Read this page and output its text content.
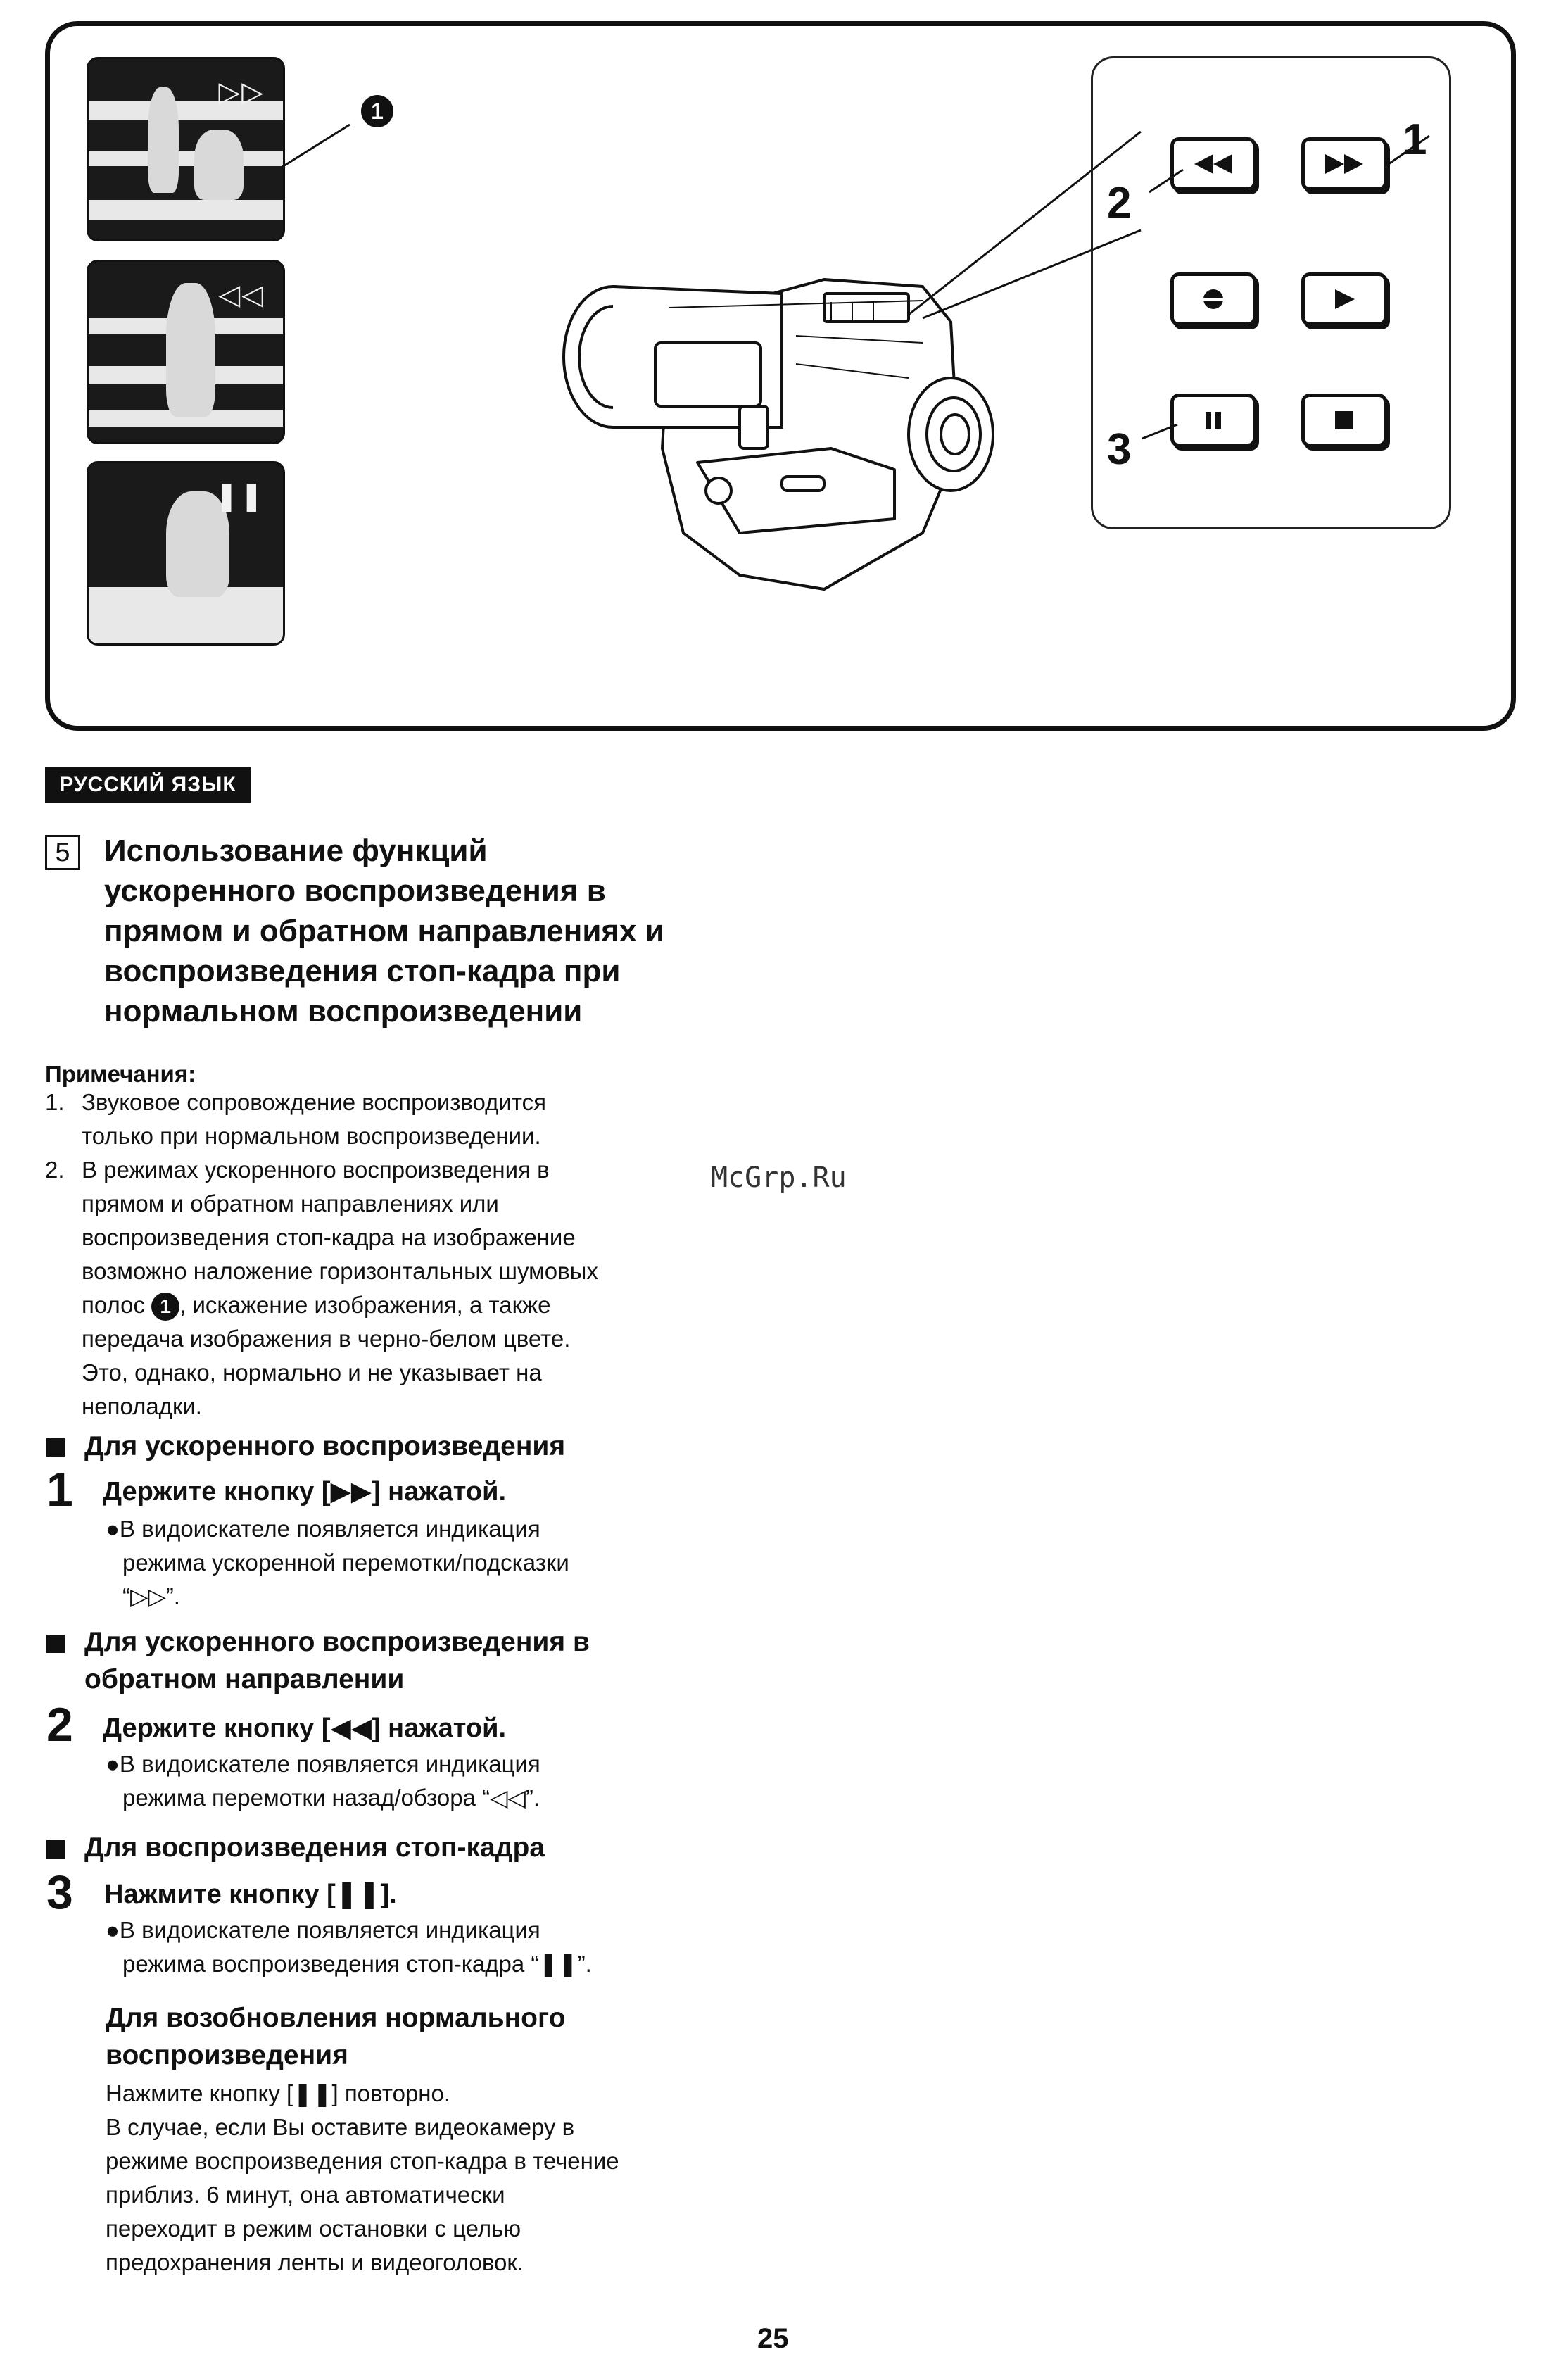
▷▷
◁◁
❚❚
1
1
2
3
РУССКИЙ ЯЗЫК
5	Использование функций
ускоренного воспроизведения в
прямом и обратном направлениях и
воспроизведения стоп-кадра при
нормальном воспроизведении
Примечания:
1. Звуковое сопровождение воспроизводится
только при нормальном воспроизведении.
2. В режимах ускоренного воспроизведения в
прямом и обратном направлениях или
воспроизведения стоп-кадра на изображение
возможно наложение горизонтальных шумовых
полос 1 , искажение изображения, а также
передача изображения в черно-белом цвете.
Это, однако, нормально и не указывает на
неполадки.
Для ускоренного воспроизведения
1 Держите кнопку [▶▶] нажатой.
●В видоискателе появляется индикация
режима ускоренной перемотки/подсказки
“▷▷”.
Для ускоренного воспроизведения в
обратном направлении
2 Держите кнопку [◀◀] нажатой.
●В видоискателе появляется индикация
режима перемотки назад/обзора “◁◁”.
Для воспроизведения стоп-кадра
3 Нажмите кнопку [❚❚].
●В видоискателе появляется индикация
режима воспроизведения стоп-кадра “❚❚”.
Для возобновления нормального
воспроизведения
Нажмите кнопку [❚❚] повторно.
В случае, если Вы оставите видеокамеру в
режиме воспроизведения стоп-кадра в течение
приблиз. 6 минут, она автоматически
переходит в режим остановки с целью
предохранения ленты и видеоголовок.
McGrp.Ru
25
